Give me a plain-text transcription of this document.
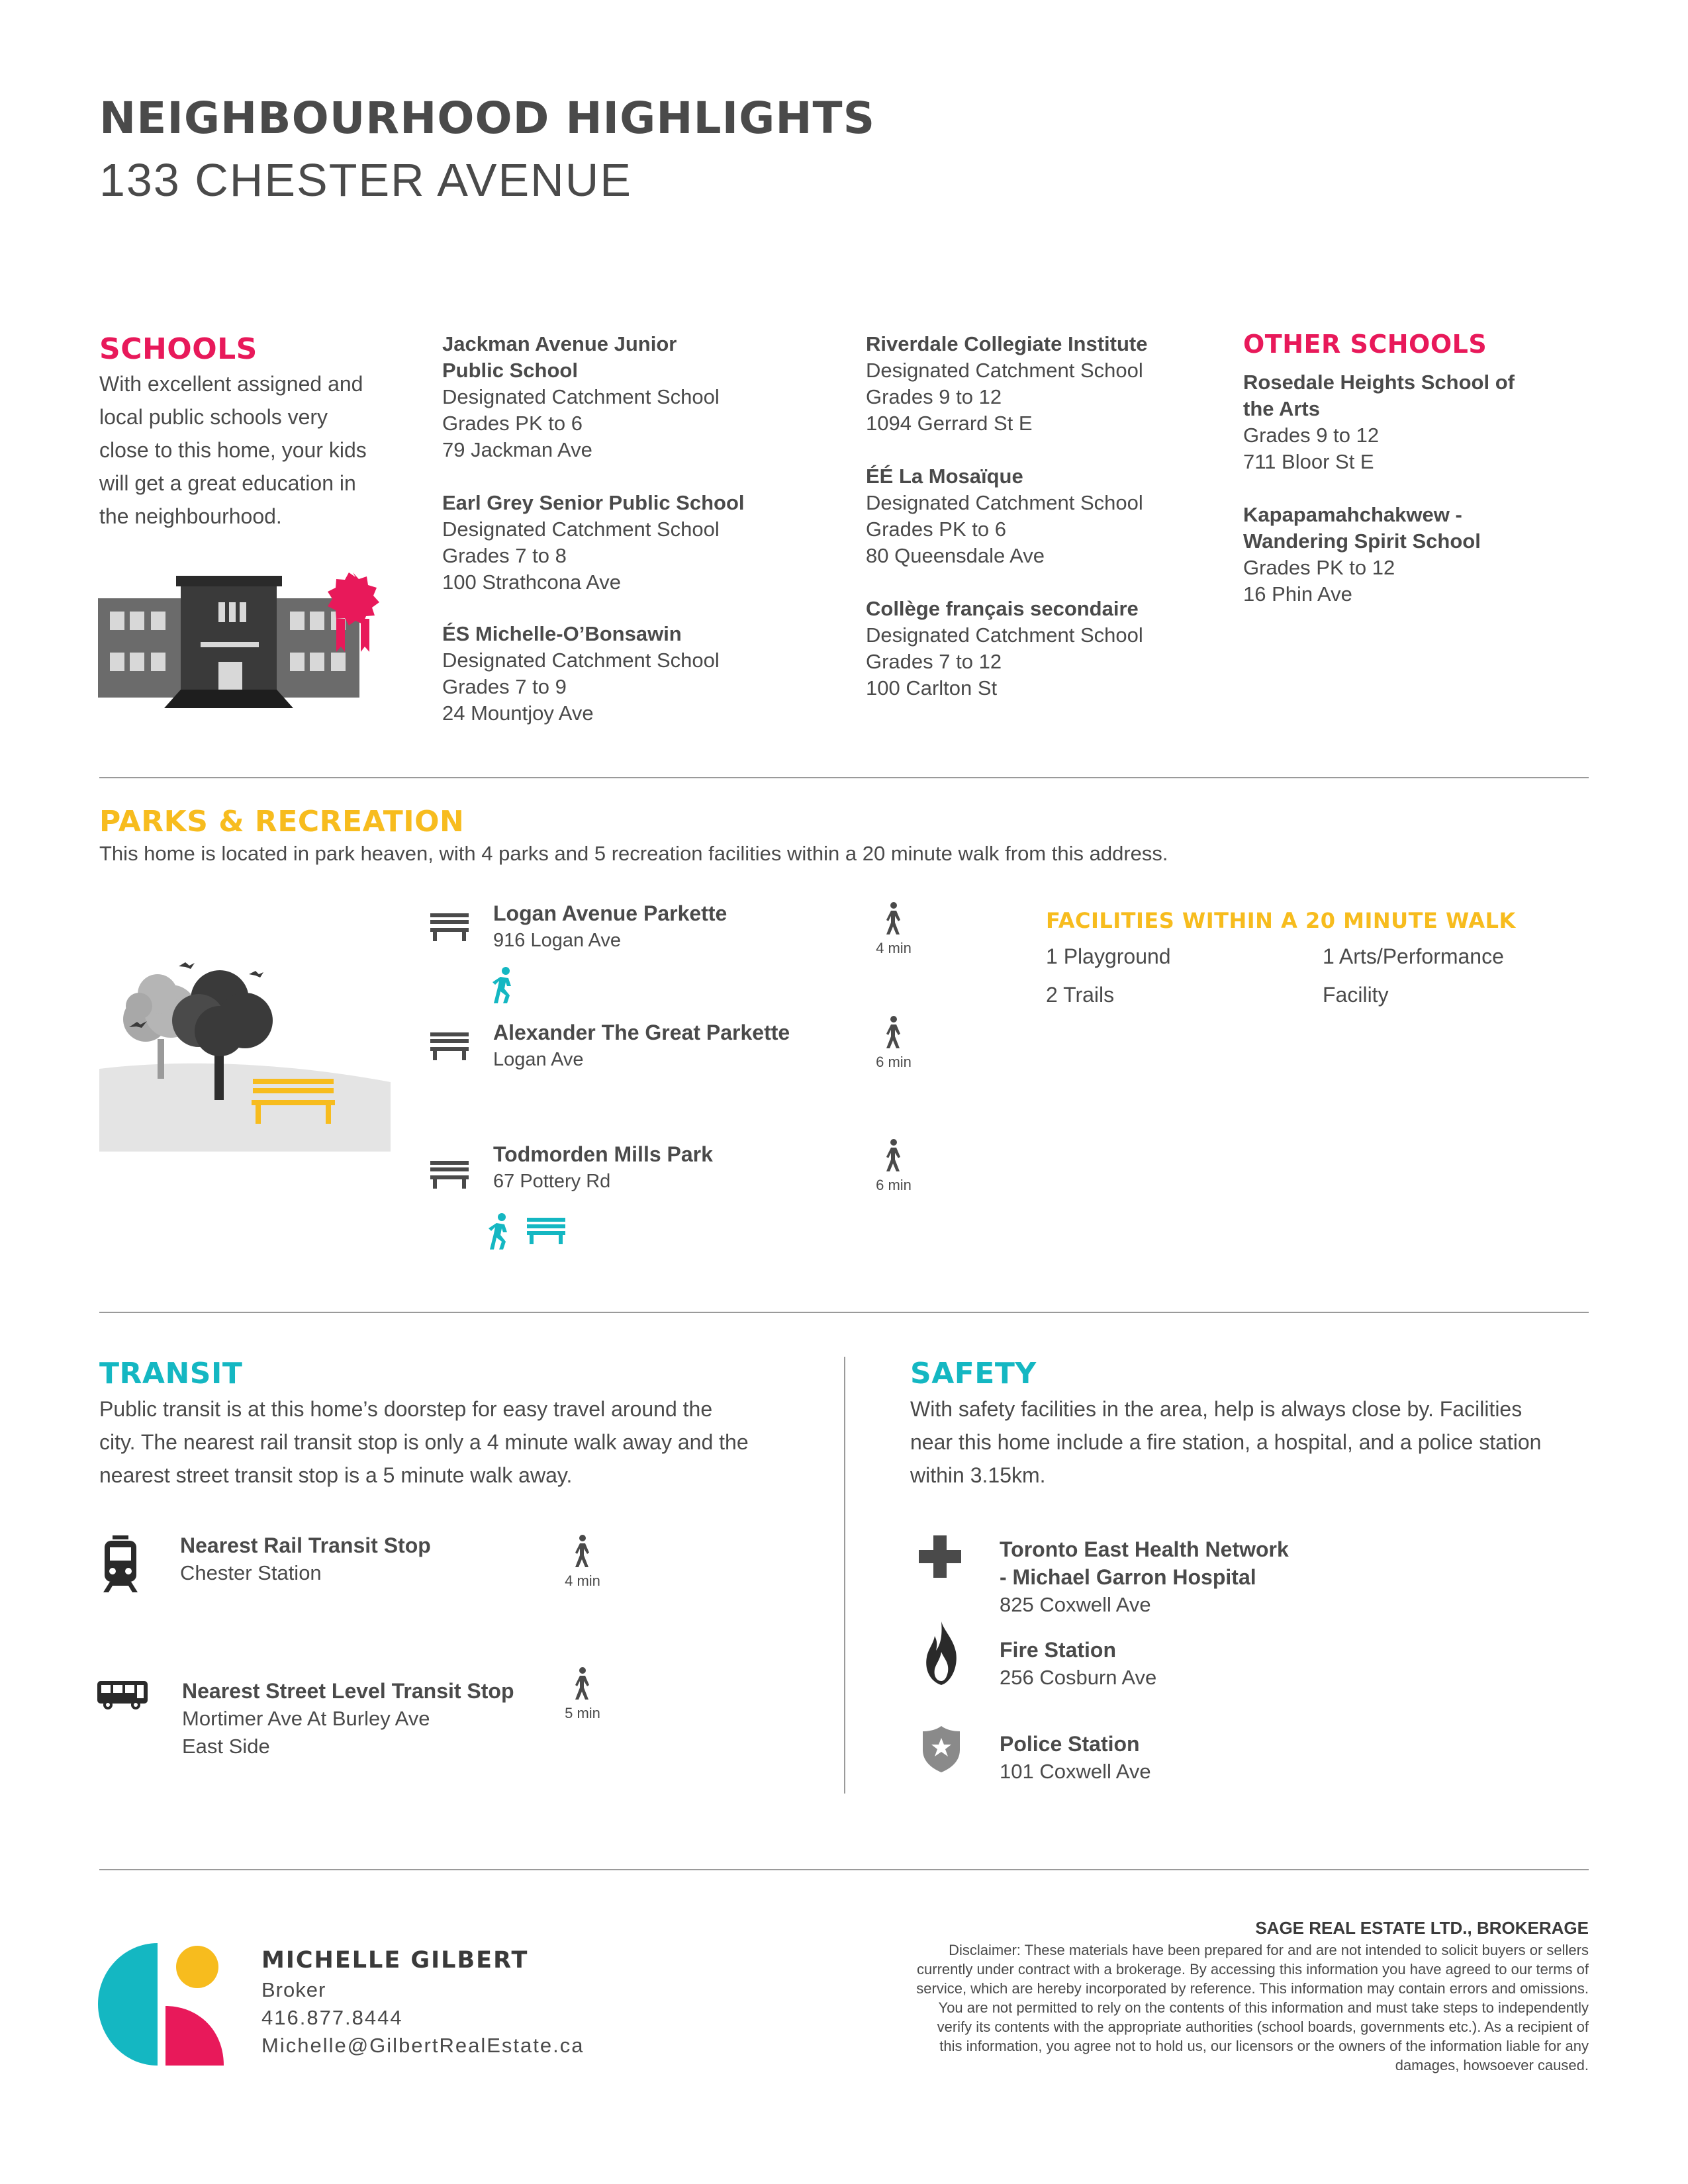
NEIGHBOURHOOD HIGHLIGHTS
133 CHESTER AVENUE
SCHOOLS
With excellent assigned and
local public schools very
close to this home, your kids
will get a great education in
the neighbourhood.
Jackman Avenue Junior Public School
Designated Catchment School
Grades PK to 6
79 Jackman Ave
Earl Grey Senior Public School
Designated Catchment School
Grades 7 to 8
100 Strathcona Ave
ÉS Michelle-O’Bonsawin
Designated Catchment School
Grades 7 to 9
24 Mountjoy Ave
Riverdale Collegiate Institute
Designated Catchment School
Grades 9 to 12
1094 Gerrard St E
ÉÉ La Mosaïque
Designated Catchment School
Grades PK to 6
80 Queensdale Ave
Collège français secondaire
Designated Catchment School
Grades 7 to 12
100 Carlton St
OTHER SCHOOLS
Rosedale Heights School of the Arts
Grades 9 to 12
711 Bloor St E
Kapapamahchakwew - Wandering Spirit School
Grades PK to 12
16 Phin Ave
PARKS & RECREATION
This home is located in park heaven, with 4 parks and 5 recreation facilities within a 20 minute walk from this address.
Logan Avenue Parkette
916 Logan Ave
Alexander The Great Parkette
Logan Ave
Todmorden Mills Park
67 Pottery Rd
4 min
6 min
6 min
FACILITIES WITHIN A 20 MINUTE WALK
1 Playground
2 Trails
1 Arts/Performance
Facility
TRANSIT
Public transit is at this home’s doorstep for easy travel around the
city. The nearest rail transit stop is only a 4 minute walk away and the
nearest street transit stop is a 5 minute walk away.
Nearest Rail Transit Stop
Chester Station	4 min
Nearest Street Level Transit Stop
Mortimer Ave At Burley Ave
East Side
5 min
SAFETY
With safety facilities in the area, help is always close by. Facilities
near this home include a fire station, a hospital, and a police station
within 3.15km.
Toronto East Health Network
- Michael Garron Hospital
825 Coxwell Ave
Fire Station
256 Cosburn Ave
Police Station
101 Coxwell Ave
MICHELLE GILBERT
Broker
416.877.8444
Michelle@GilbertRealEstate.ca
SAGE REAL ESTATE LTD., BROKERAGE
Disclaimer: These materials have been prepared for and are not intended to solicit buyers or sellers
currently under contract with a brokerage. By accessing this information you have agreed to our terms of
service, which are hereby incorporated by reference. This information may contain errors and omissions.
You are not permitted to rely on the contents of this information and must take steps to independently
verify its contents with the appropriate authorities (school boards, governments etc.). As a recipient of
this information, you agree not to hold us, our licensors or the owners of the information liable for any
damages, howsoever caused.
